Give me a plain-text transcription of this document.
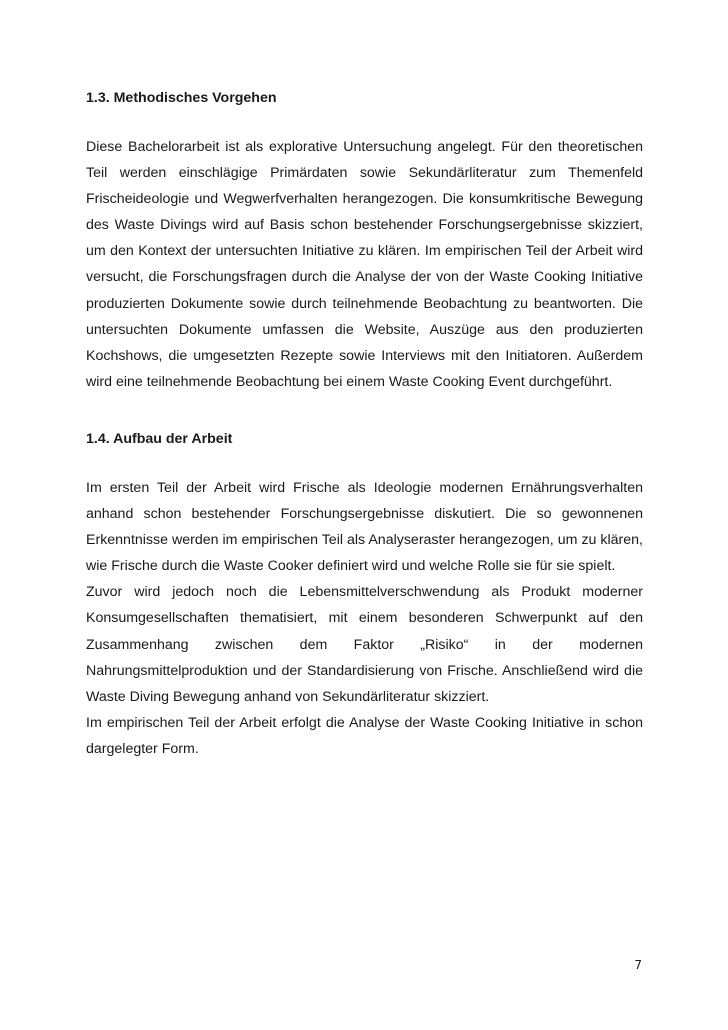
1.3. Methodisches Vorgehen

Diese Bachelorarbeit ist als explorative Untersuchung angelegt. Für den theoretischen Teil werden einschlägige Primärdaten sowie Sekundärliteratur zum Themenfeld Frischeideologie und Wegwerfverhalten herangezogen. Die konsumkritische Bewegung des Waste Divings wird auf Basis schon bestehender Forschungsergebnisse skizziert, um den Kontext der untersuchten Initiative zu klären. Im empirischen Teil der Arbeit wird versucht, die Forschungsfragen durch die Analyse der von der Waste Cooking Initiative produzierten Dokumente sowie durch teilnehmende Beobachtung zu beantworten. Die untersuchten Dokumente umfassen die Website, Auszüge aus den produzierten Kochshows, die umgesetzten Rezepte sowie Interviews mit den Initiatoren. Außerdem wird eine teilnehmende Beobachtung bei einem Waste Cooking Event durchgeführt.

1.4. Aufbau der Arbeit

Im ersten Teil der Arbeit wird Frische als Ideologie modernen Ernährungsverhalten anhand schon bestehender Forschungsergebnisse diskutiert. Die so gewonnenen Erkenntnisse werden im empirischen Teil als Analyseraster herangezogen, um zu klären, wie Frische durch die Waste Cooker definiert wird und welche Rolle sie für sie spielt.

Zuvor wird jedoch noch die Lebensmittelverschwendung als Produkt moderner Konsumgesellschaften thematisiert, mit einem besonderen Schwerpunkt auf den Zusammenhang zwischen dem Faktor „Risiko“ in der modernen Nahrungsmittelproduktion und der Standardisierung von Frische. Anschließend wird die Waste Diving Bewegung anhand von Sekundärliteratur skizziert.

Im empirischen Teil der Arbeit erfolgt die Analyse der Waste Cooking Initiative in schon dargelegter Form.

7
